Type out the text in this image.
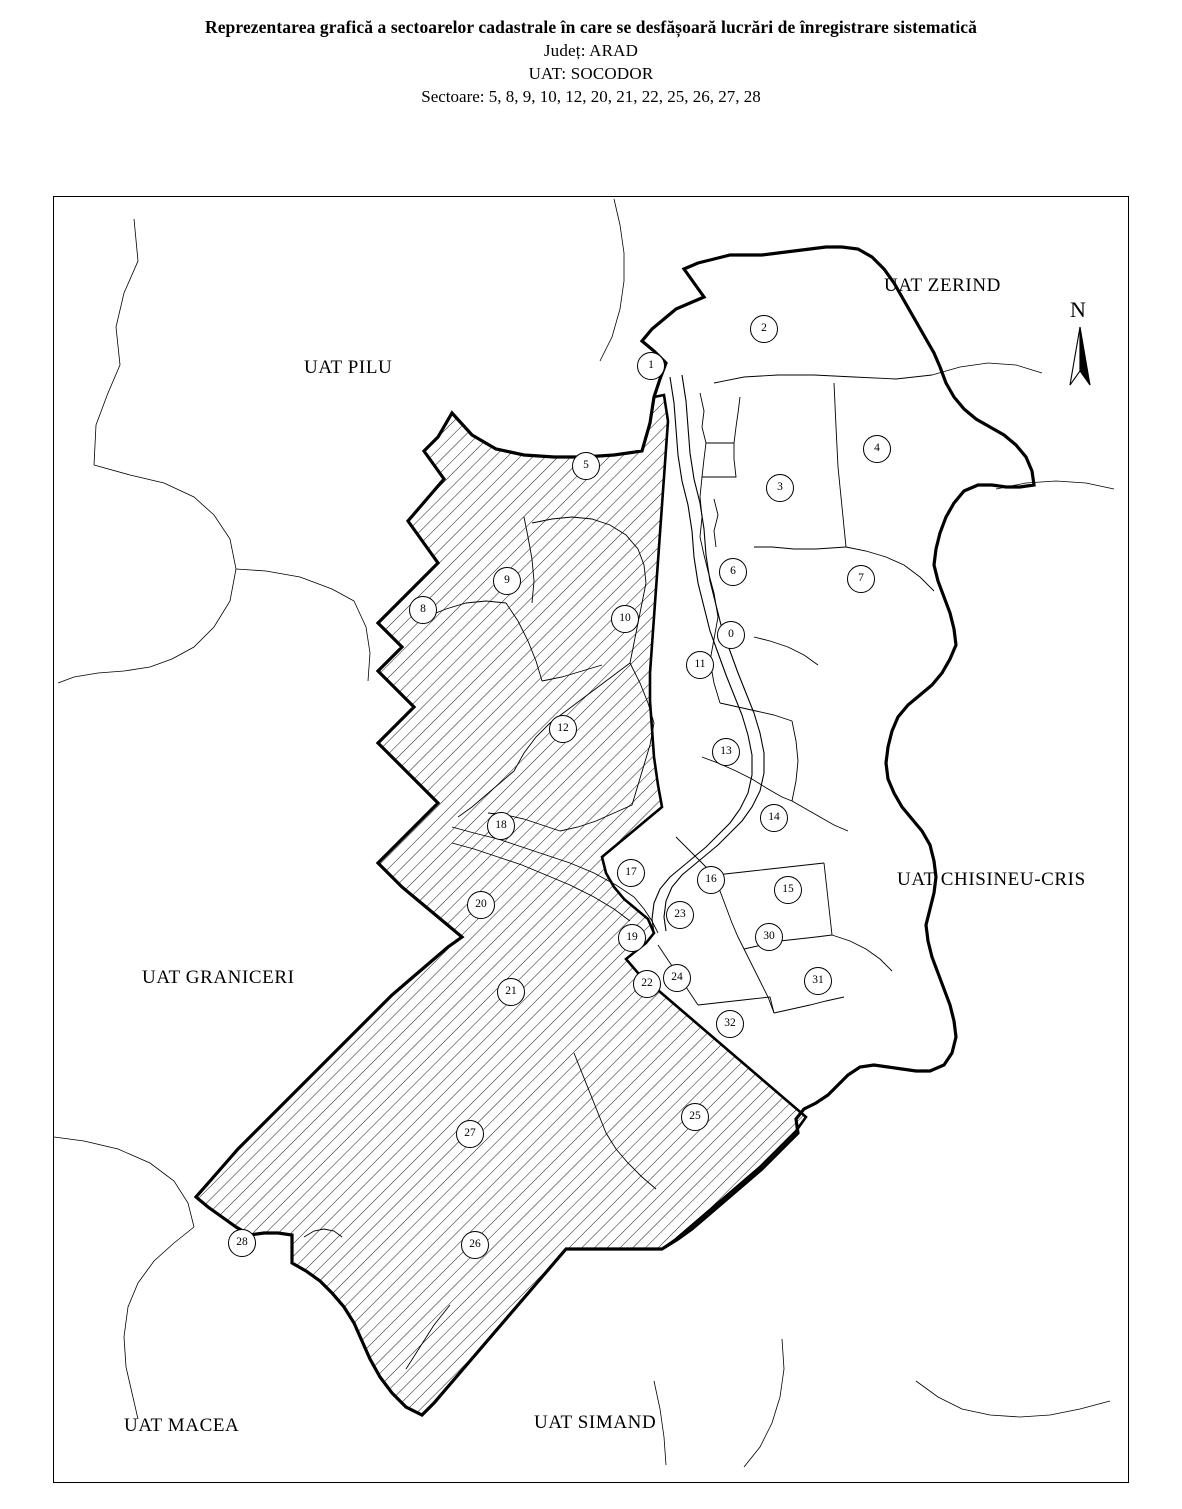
Reprezentarea grafică a sectoarelor cadastrale în care se desfășoară lucrări de înregistrare sistematică
Județ: ARAD
UAT: SOCODOR
Sectoare: 5, 8, 9, 10, 12, 20, 21, 22, 25, 26, 27, 28
UAT ZERIND
UAT PILU
UAT CHISINEU-CRIS
UAT GRANICERI
UAT MACEA	UAT SIMAND
1
2
3
4
5
6
7
8
9
0
10
11
12
13
14
15
16
17
18
19
20
21
22
23
24
25
26
27
28
30
31
32
N
